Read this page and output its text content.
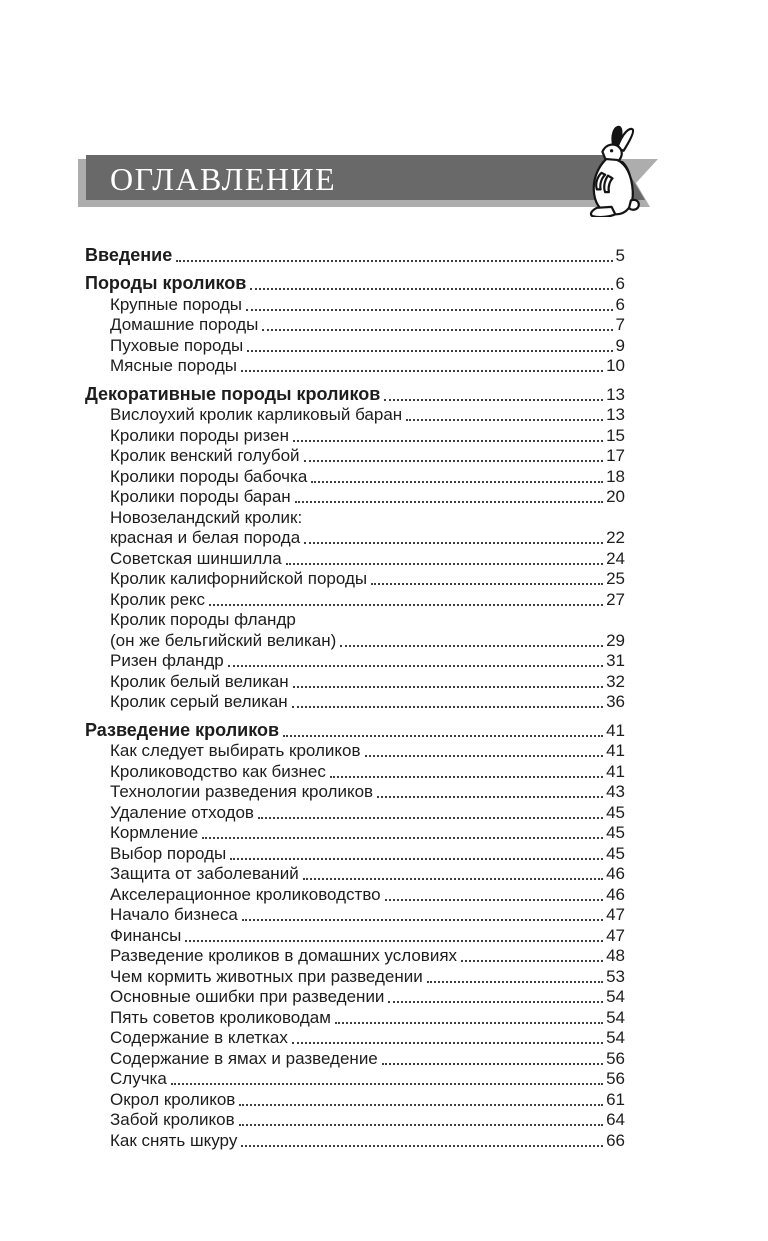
ОГЛАВЛЕНИЕ
Введение	5
Породы кроликов	6
Крупные породы	6
Домашние породы	7
Пуховые породы	9
Мясные породы	10
Декоративные породы кроликов	13
Вислоухий кролик карликовый баран	13
Кролики породы ризен	15
Кролик венский голубой	17
Кролики породы бабочка	18
Кролики породы баран	20
Новозеландский кролик:
красная и белая порода	22
Советская шиншилла	24
Кролик калифорнийской породы	25
Кролик рекс	27
Кролик породы фландр
(он же бельгийский великан)	29
Ризен фландр	31
Кролик белый великан	32
Кролик серый великан	36
Разведение кроликов	41
Как следует выбирать кроликов	41
Кролиководство как бизнес	41
Технологии разведения кроликов	43
Удаление отходов	45
Кормление	45
Выбор породы	45
Защита от заболеваний	46
Акселерационное кролиководство	46
Начало бизнеса	47
Финансы	47
Разведение кроликов в домашних условиях	48
Чем кормить животных при разведении	53
Основные ошибки при разведении	54
Пять советов кролиководам	54
Содержание в клетках	54
Содержание в ямах и разведение	56
Случка	56
Окрол кроликов	61
Забой кроликов	64
Как снять шкуру	66
